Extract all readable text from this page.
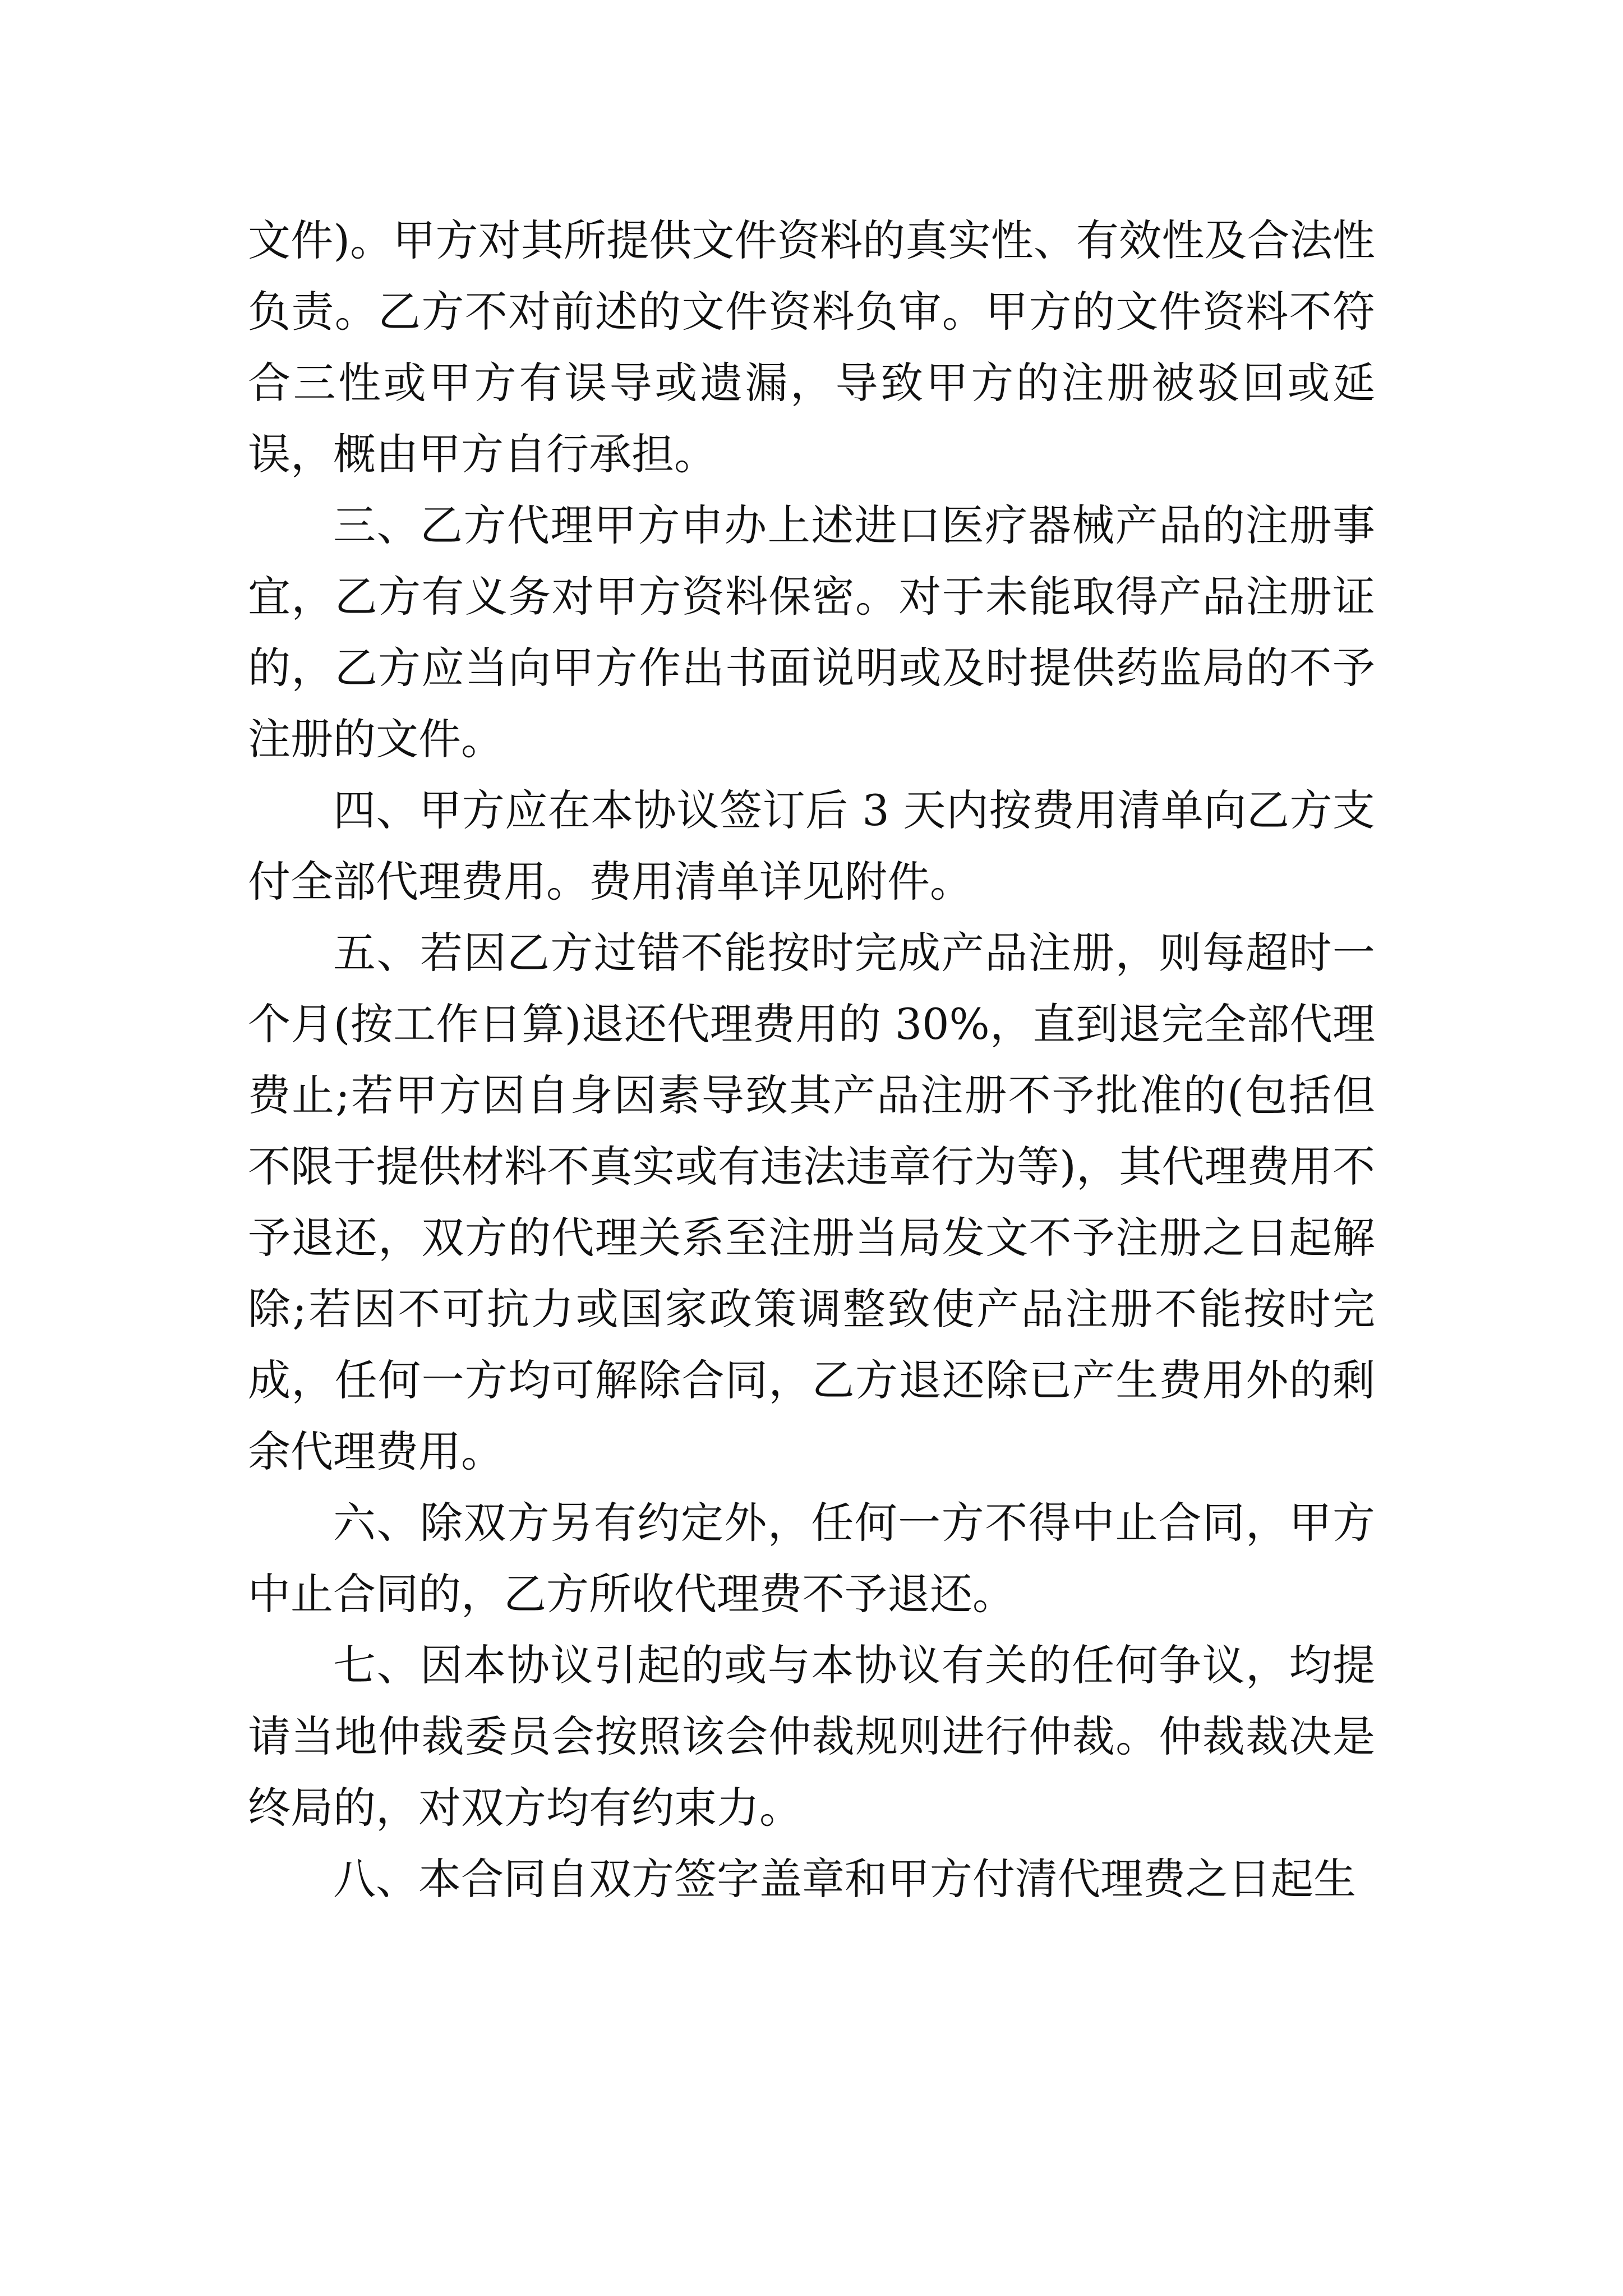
文件)。甲方对其所提供文件资料的真实性、有效性及合法性负责。乙方不对前述的文件资料负审。甲方的文件资料不符合三性或甲方有误导或遗漏，导致甲方的注册被驳回或延误，概由甲方自行承担。

三、乙方代理甲方申办上述进口医疗器械产品的注册事宜，乙方有义务对甲方资料保密。对于未能取得产品注册证的，乙方应当向甲方作出书面说明或及时提供药监局的不予注册的文件。

四、甲方应在本协议签订后 3 天内按费用清单向乙方支付全部代理费用。费用清单详见附件。

五、若因乙方过错不能按时完成产品注册，则每超时一个月(按工作日算)退还代理费用的 30%，直到退完全部代理费止;若甲方因自身因素导致其产品注册不予批准的(包括但不限于提供材料不真实或有违法违章行为等)，其代理费用不予退还，双方的代理关系至注册当局发文不予注册之日起解除;若因不可抗力或国家政策调整致使产品注册不能按时完成，任何一方均可解除合同，乙方退还除已产生费用外的剩余代理费用。

六、除双方另有约定外，任何一方不得中止合同，甲方中止合同的，乙方所收代理费不予退还。

七、因本协议引起的或与本协议有关的任何争议，均提请当地仲裁委员会按照该会仲裁规则进行仲裁。仲裁裁决是终局的，对双方均有约束力。

八、本合同自双方签字盖章和甲方付清代理费之日起生
